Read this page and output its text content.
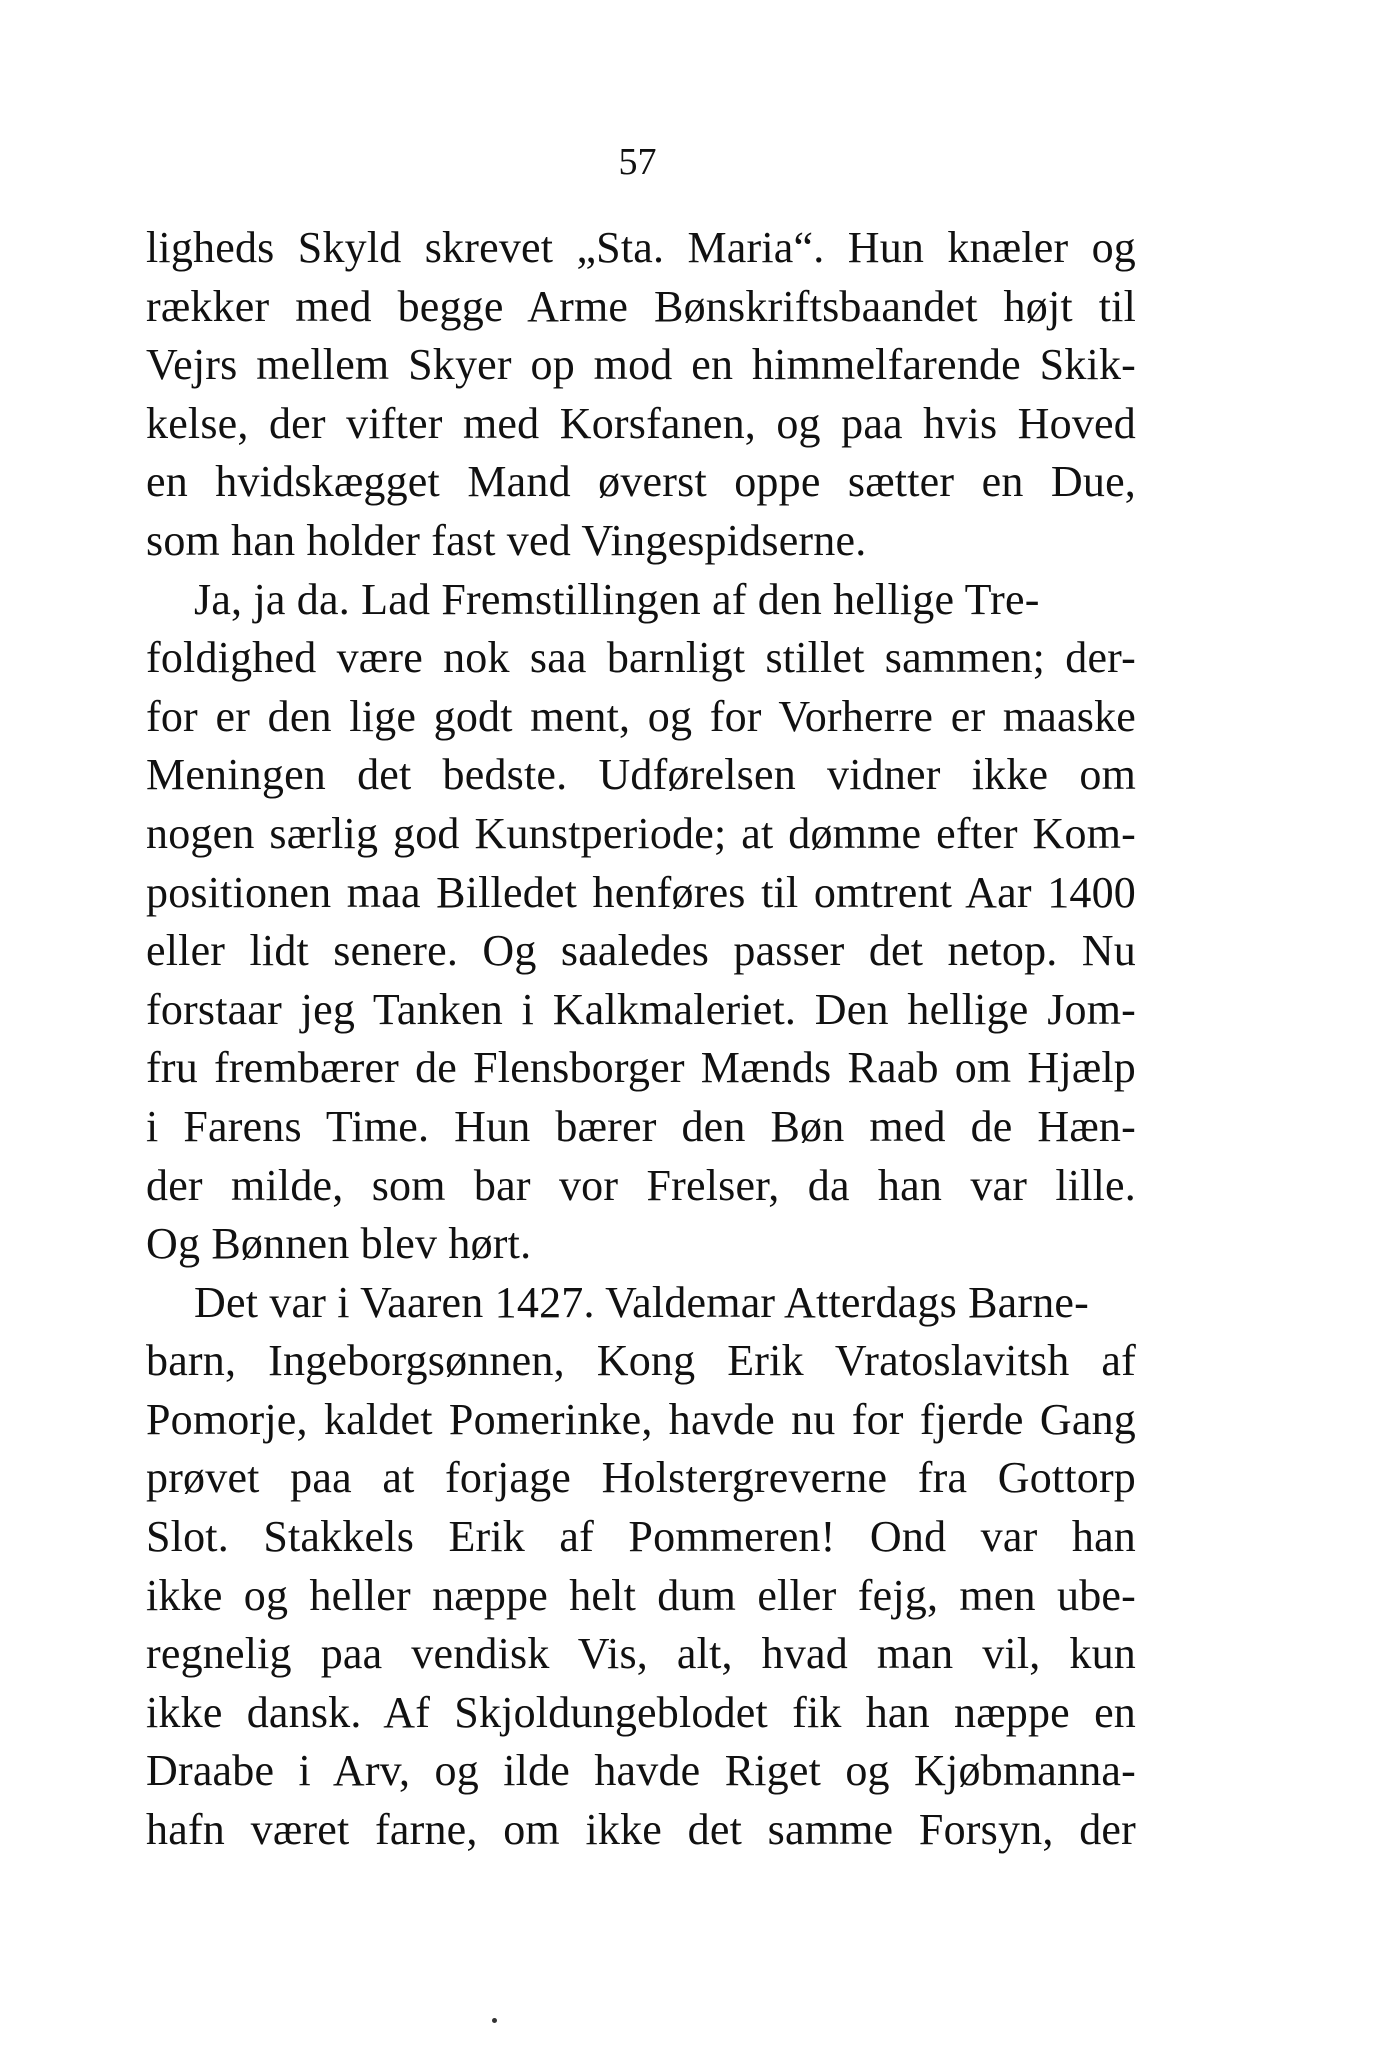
57
ligheds Skyld skrevet „Sta. Maria“. Hun knæler og
rækker med begge Arme Bønskriftsbaandet højt til
Vejrs mellem Skyer op mod en himmelfarende Skik-
kelse, der vifter med Korsfanen, og paa hvis Hoved
en hvidskægget Mand øverst oppe sætter en Due,
som han holder fast ved Vingespidserne.
Ja, ja da. Lad Fremstillingen af den hellige Tre-
foldighed være nok saa barnligt stillet sammen; der-
for er den lige godt ment, og for Vorherre er maaske
Meningen det bedste. Udførelsen vidner ikke om
nogen særlig god Kunstperiode; at dømme efter Kom-
positionen maa Billedet henføres til omtrent Aar 1400
eller lidt senere. Og saaledes passer det netop. Nu
forstaar jeg Tanken i Kalkmaleriet. Den hellige Jom-
fru frembærer de Flensborger Mænds Raab om Hjælp
i Farens Time. Hun bærer den Bøn med de Hæn-
der milde, som bar vor Frelser, da han var lille.
Og Bønnen blev hørt.
Det var i Vaaren 1427. Valdemar Atterdags Barne-
barn, Ingeborgsønnen, Kong Erik Vratoslavitsh af
Pomorje, kaldet Pomerinke, havde nu for fjerde Gang
prøvet paa at forjage Holstergreverne fra Gottorp
Slot. Stakkels Erik af Pommeren! Ond var han
ikke og heller næppe helt dum eller fejg, men ube-
regnelig paa vendisk Vis, alt, hvad man vil, kun
ikke dansk. Af Skjoldungeblodet fik han næppe en
Draabe i Arv, og ilde havde Riget og Kjøbmanna-
hafn været farne, om ikke det samme Forsyn, der
